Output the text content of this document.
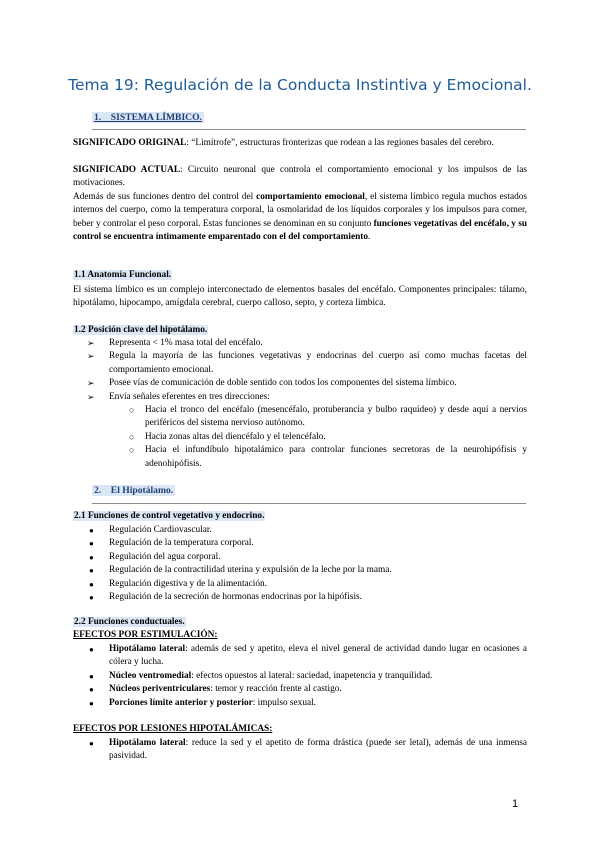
Tema 19: Regulación de la Conducta Instintiva y Emocional.
1. SISTEMA LÍMBICO.

SIGNIFICADO ORIGINAL: “Limítrofe”, estructuras fronterizas que rodean a las regiones basales del cerebro.

SIGNIFICADO ACTUAL: Circuito neuronal que controla el comportamiento emocional y los impulsos de las motivaciones.

Además de sus funciones dentro del control del comportamiento emocional, el sistema límbico regula muchos estados internos del cuerpo, como la temperatura corporal, la osmolaridad de los líquidos corporales y los impulsos para comer, beber y controlar el peso corporal. Estas funciones se denominan en su conjunto funciones vegetativas del encéfalo, y su control se encuentra íntimamente emparentado con el del comportamiento.

1.1 Anatomía Funcional.

El sistema límbico es un complejo interconectado de elementos basales del encéfalo. Componentes principales: tálamo, hipotálamo, hipocampo, amígdala cerebral, cuerpo calloso, septo, y corteza límbica.

1.2 Posición clave del hipotálamo.
➢ Representa < 1% masa total del encéfalo.
➢ Regula la mayoría de las funciones vegetativas y endocrinas del cuerpo así como muchas facetas del comportamiento emocional.
➢ Posee vías de comunicación de doble sentido con todos los componentes del sistema límbico.
➢ Envía señales eferentes en tres direcciones:
○ Hacia el tronco del encéfalo (mesencéfalo, protuberancia y bulbo raquídeo) y desde aquí a nervios periféricos del sistema nervioso autónomo.
○ Hacia zonas altas del diencéfalo y el telencéfalo.
○ Hacia el infundíbulo hipotalámico para controlar funciones secretoras de la neurohipófisis y adenohipófisis.
2. El Hipotálamo.
2.1 Funciones de control vegetativo y endocrino.
● Regulación Cardiovascular.
● Regulación de la temperatura corporal.
● Regulación del agua corporal.
● Regulación de la contractilidad uterina y expulsión de la leche por la mama.
● Regulación digestiva y de la alimentación.
● Regulación de la secreción de hormonas endocrinas por la hipófisis.
2.2 Funciones conductuales.
EFECTOS POR ESTIMULACIÓN:
● Hipotálamo lateral: además de sed y apetito, eleva el nivel general de actividad dando lugar en ocasiones a cólera y lucha.
● Núcleo ventromedial: efectos opuestos al lateral: saciedad, inapetencia y tranquilidad.
● Núcleos periventriculares: temor y reacción frente al castigo.
● Porciones límite anterior y posterior: impulso sexual.
EFECTOS POR LESIONES HIPOTALÁMICAS:
● Hipotálamo lateral: reduce la sed y el apetito de forma drástica (puede ser letal), además de una inmensa pasividad.
1
